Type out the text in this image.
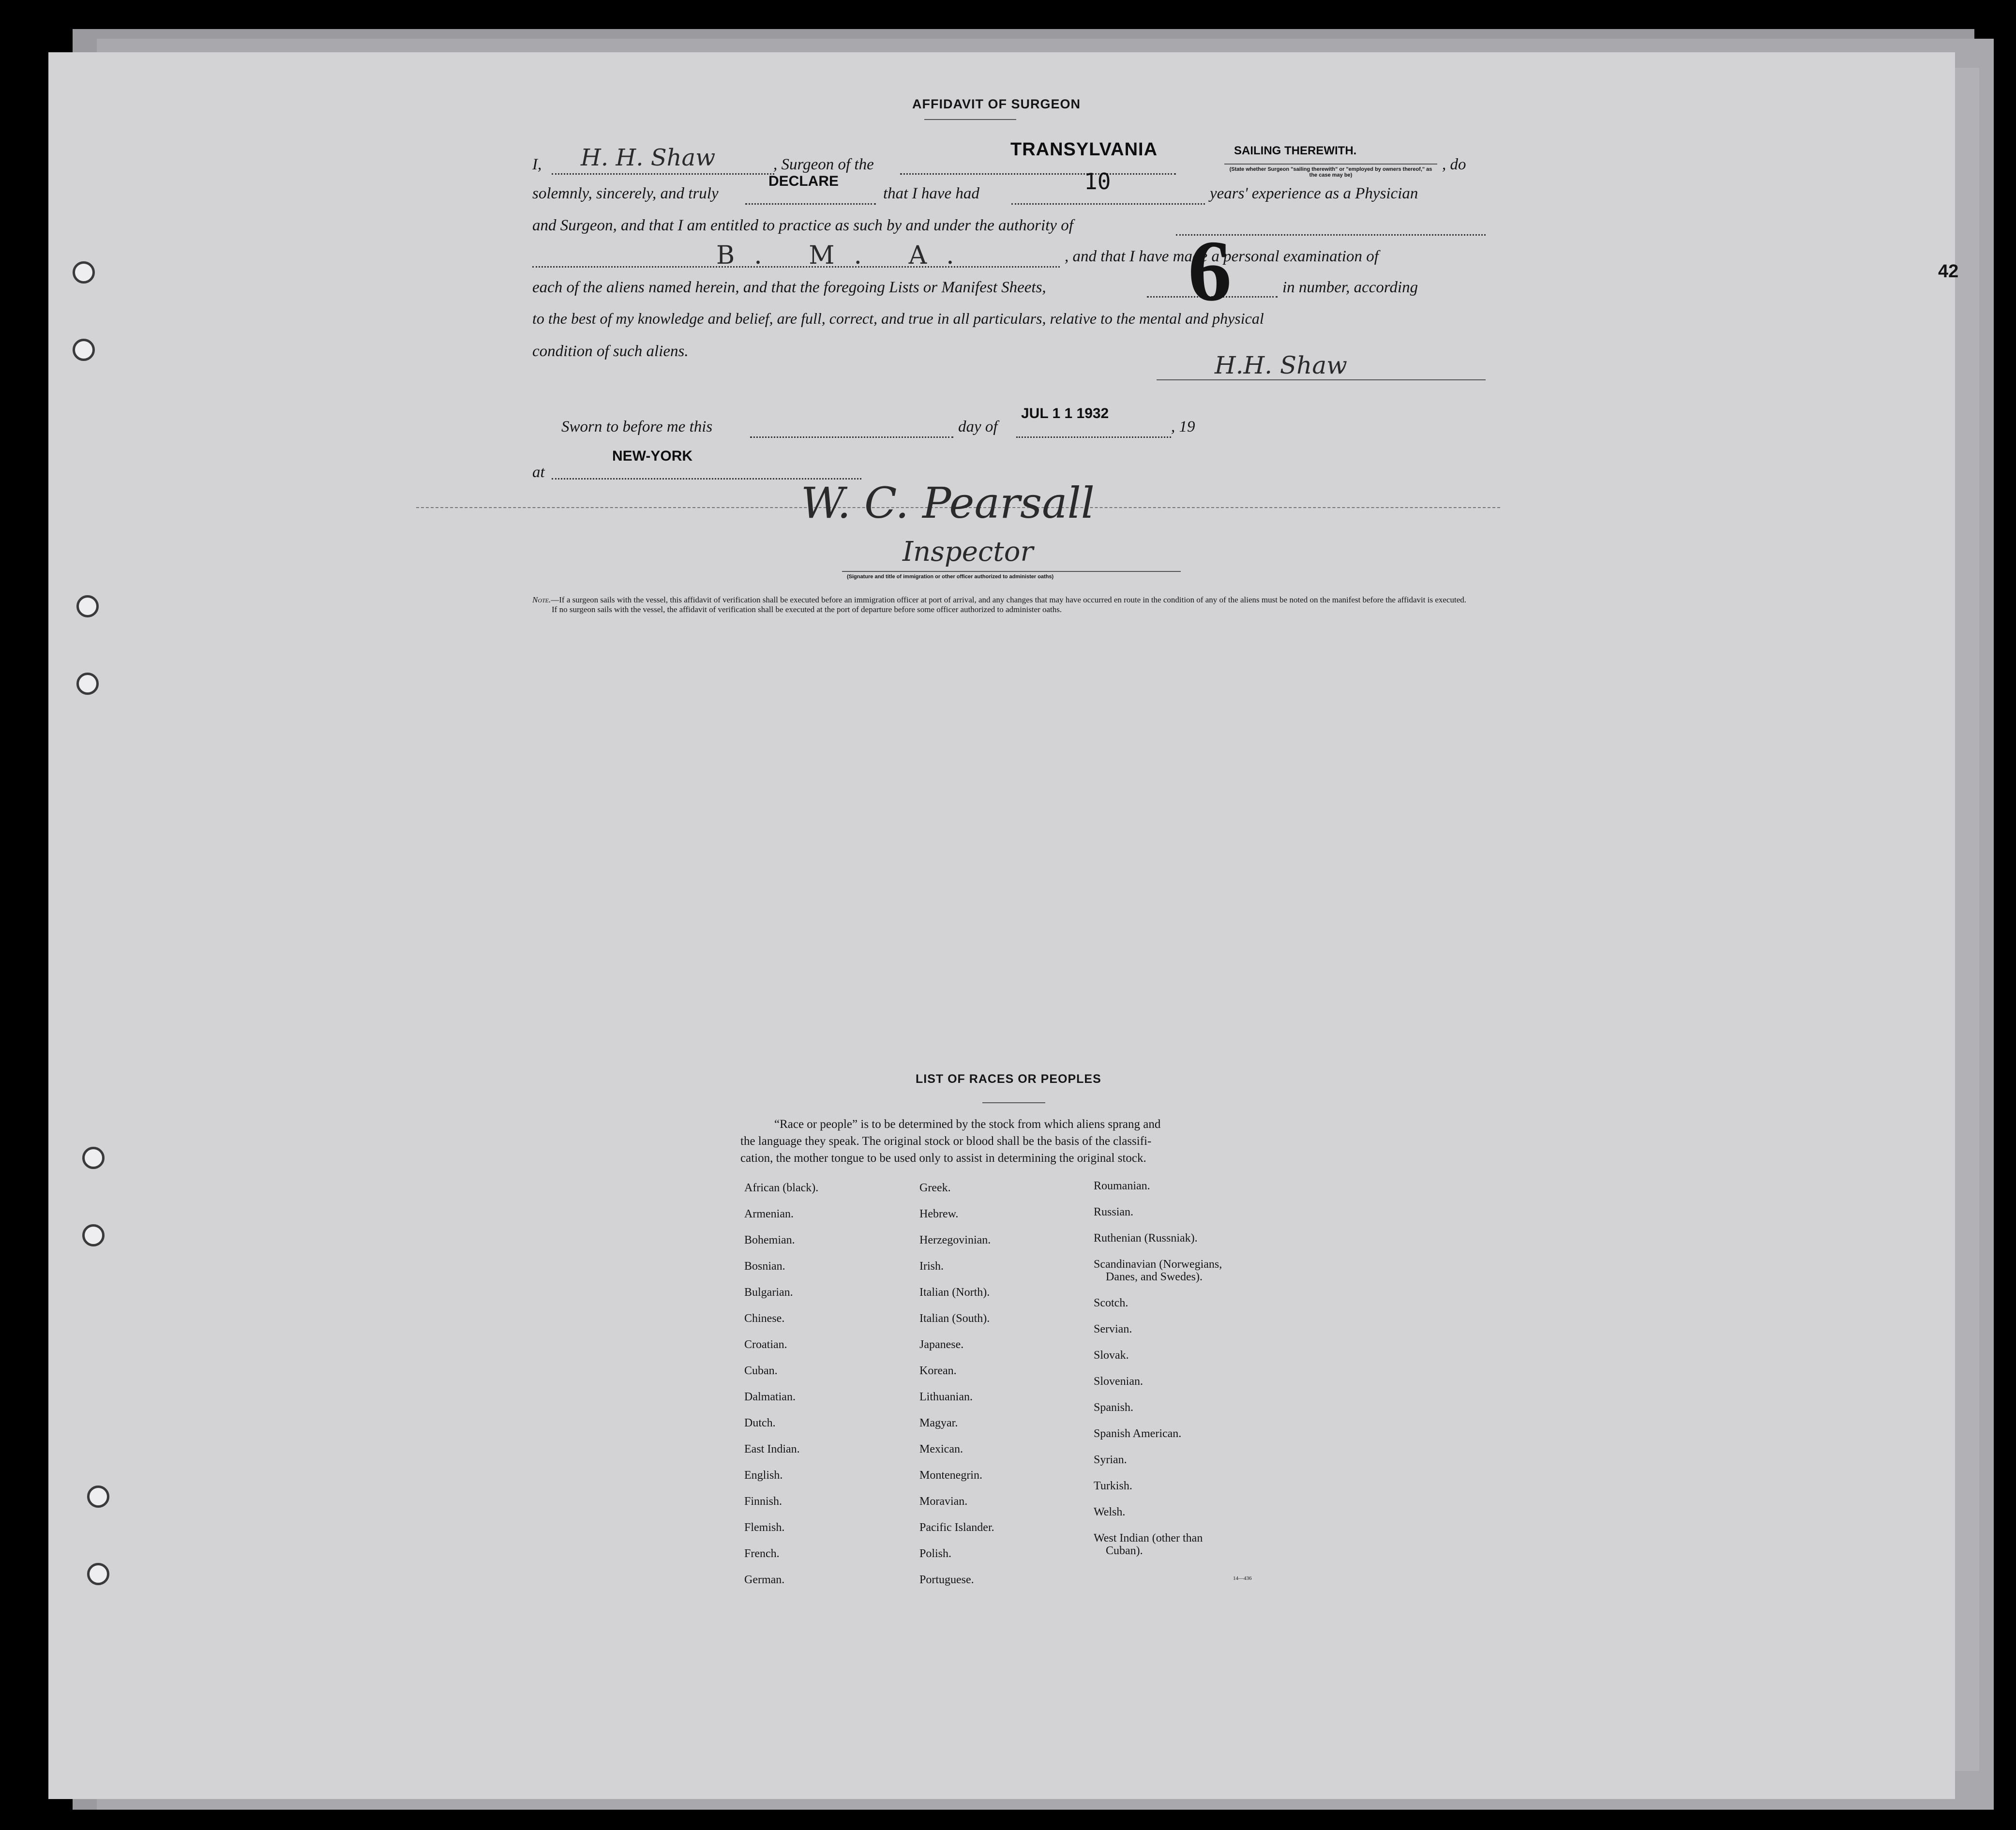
42
AFFIDAVIT OF SURGEON
I, H. H. Shaw	, Surgeon of the
TRANSYLVANIA	SAILING THEREWITH.
(State whether Surgeon "sailing therewith" or "employed by owners thereof," as the case may be)
, do
solemnly, sincerely, and truly
DECLARE
that I have had	10	years' experience as a Physician
and Surgeon, and that I am entitled to practice as such by and under the authority of
B. M. A.	, and that I have made a personal examination of
each of the aliens named herein, and that the foregoing Lists or Manifest Sheets, 6	in number, according
to the best of my knowledge and belief, are full, correct, and true in all particulars, relative to the mental and physical
condition of such aliens.	H.H. Shaw
Sworn to before me this	day of
JUL 1 1 1932
, 19
at
NEW-YORK
W. C. Pearsall
Inspector
(Signature and title of immigration or other officer authorized to administer oaths)
Note.—If a surgeon sails with the vessel, this affidavit of verification shall be executed before an immigration officer at port of arrival, and any changes that may have occurred en route in the condition of any of the aliens must be noted on the manifest before the affidavit is executed.
If no surgeon sails with the vessel, the affidavit of verification shall be executed at the port of departure before some officer authorized to administer oaths.
LIST OF RACES OR PEOPLES
“Race or people” is to be determined by the stock from which aliens sprang and
the language they speak. The original stock or blood shall be the basis of the classifi-
cation, the mother tongue to be used only to assist in determining the original stock.
African (black).
Armenian.
Bohemian.
Bosnian.
Bulgarian.
Chinese.
Croatian.
Cuban.
Dalmatian.
Dutch.
East Indian.
English.
Finnish.
Flemish.
French.
German.
Greek.
Hebrew.
Herzegovinian.
Irish.
Italian (North).
Italian (South).
Japanese.
Korean.
Lithuanian.
Magyar.
Mexican.
Montenegrin.
Moravian.
Pacific Islander.
Polish.
Portuguese.
Roumanian.
Russian.
Ruthenian (Russniak).
Scandinavian (Norwegians,
Danes, and Swedes).
Scotch.
Servian.
Slovak.
Slovenian.
Spanish.
Spanish American.
Syrian.
Turkish.
Welsh.
West Indian (other than
Cuban).
14—436
